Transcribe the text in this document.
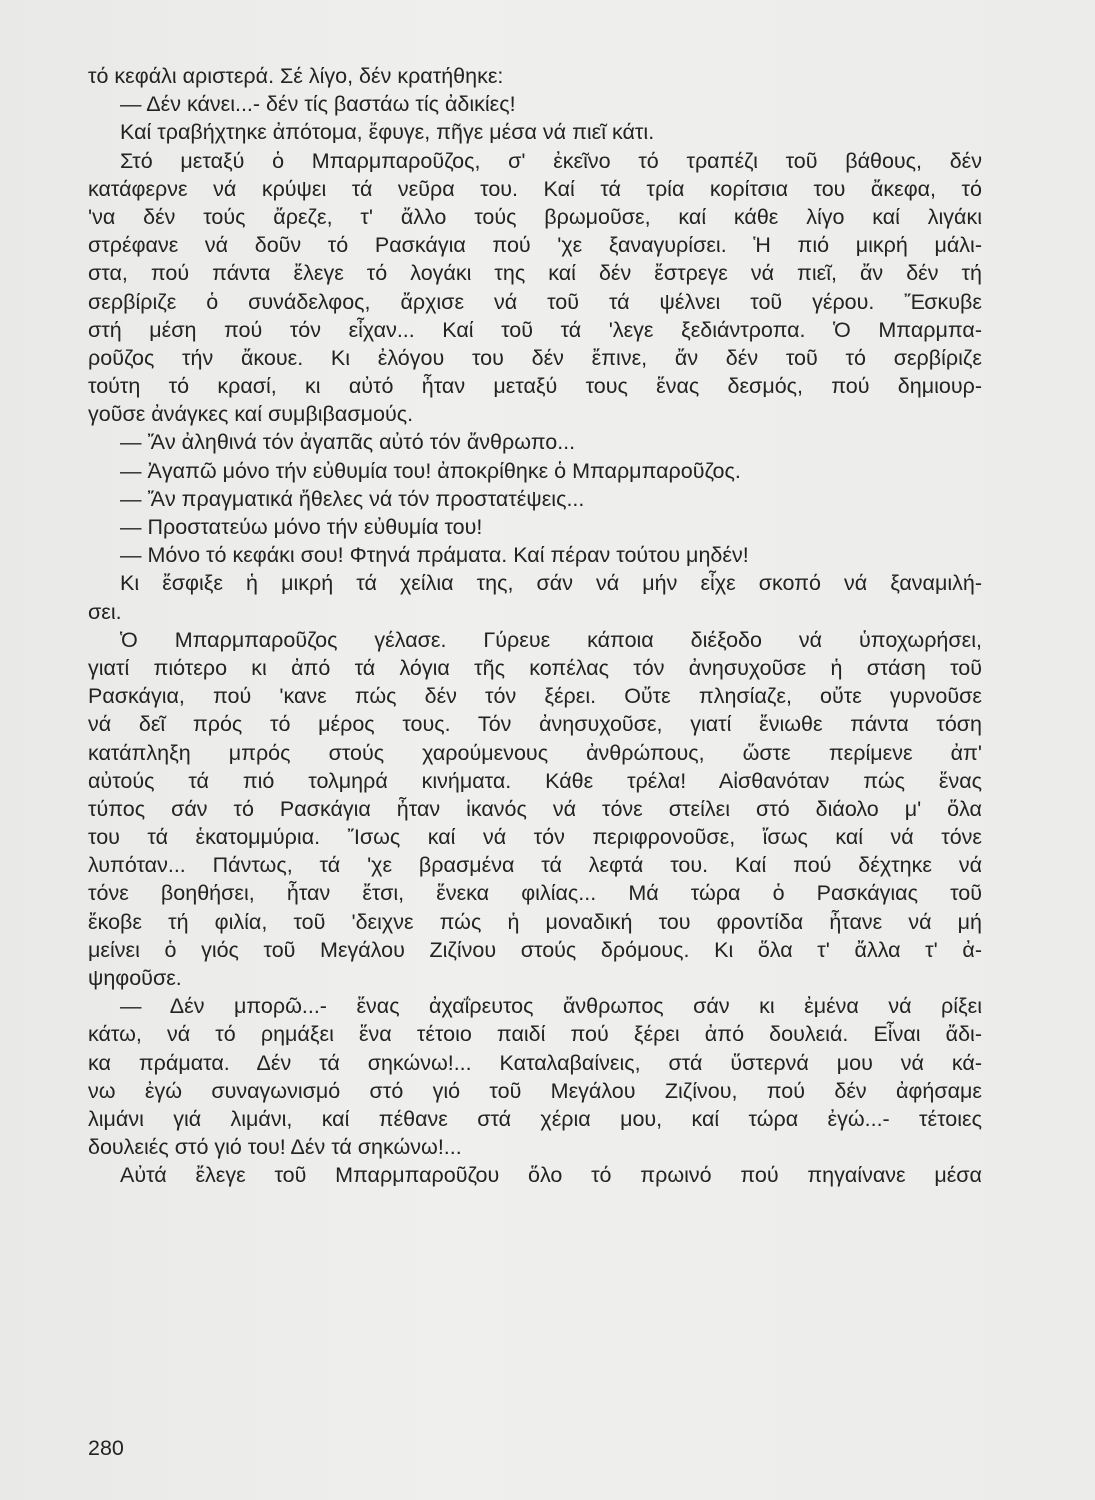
τό κεφάλι αριστερά. Σέ λίγο, δέν κρατήθηκε:
— Δέν κάνει...- δέν τίς βαστάω τίς ἀδικίες!
Καί τραβήχτηκε ἀπότομα, ἔφυγε, πῆγε μέσα νά πιεῖ κάτι.
Στό μεταξύ ὁ Μπαρμπαροῦζος, σ' ἐκεῖνο τό τραπέζι τοῦ βάθους, δέν
κατάφερνε νά κρύψει τά νεῦρα του. Καί τά τρία κορίτσια του ἄκεφα, τό
'να δέν τούς ἄρεζε, τ' ἄλλο τούς βρωμοῦσε, καί κάθε λίγο καί λιγάκι
στρέφανε νά δοῦν τό Ρασκάγια πού 'χε ξαναγυρίσει. Ἡ πιό μικρή μάλι-
στα, πού πάντα ἔλεγε τό λογάκι της καί δέν ἔστρεγε νά πιεῖ, ἄν δέν τή
σερβίριζε ὁ συνάδελφος, ἄρχισε νά τοῦ τά ψέλνει τοῦ γέρου. Ἔσκυβε
στή μέση πού τόν εἶχαν... Καί τοῦ τά 'λεγε ξεδιάντροπα. Ὁ Μπαρμπα-
ροῦζος τήν ἄκουε. Κι ἐλόγου του δέν ἔπινε, ἄν δέν τοῦ τό σερβίριζε
τούτη τό κρασί, κι αὐτό ἦταν μεταξύ τους ἕνας δεσμός, πού δημιουρ-
γοῦσε ἀνάγκες καί συμβιβασμούς.
— Ἄν ἀληθινά τόν ἀγαπᾶς αὐτό τόν ἄνθρωπο...
— Ἀγαπῶ μόνο τήν εὐθυμία του! ἀποκρίθηκε ὁ Μπαρμπαροῦζος.
— Ἄν πραγματικά ἤθελες νά τόν προστατέψεις...
— Προστατεύω μόνο τήν εὐθυμία του!
— Μόνο τό κεφάκι σου! Φτηνά πράματα. Καί πέραν τούτου μηδέν!
Κι ἔσφιξε ἡ μικρή τά χείλια της, σάν νά μήν εἶχε σκοπό νά ξαναμιλή-
σει.
Ὁ Μπαρμπαροῦζος γέλασε. Γύρευε κάποια διέξοδο νά ὑποχωρήσει,
γιατί πιότερο κι ἀπό τά λόγια τῆς κοπέλας τόν ἀνησυχοῦσε ἡ στάση τοῦ
Ρασκάγια, πού 'κανε πώς δέν τόν ξέρει. Οὔτε πλησίαζε, οὔτε γυρνοῦσε
νά δεῖ πρός τό μέρος τους. Τόν ἀνησυχοῦσε, γιατί ἔνιωθε πάντα τόση
κατάπληξη μπρός στούς χαρούμενους ἀνθρώπους, ὥστε περίμενε ἀπ'
αὐτούς τά πιό τολμηρά κινήματα. Κάθε τρέλα! Αἰσθανόταν πώς ἕνας
τύπος σάν τό Ρασκάγια ἦταν ἱκανός νά τόνε στείλει στό διάολο μ' ὅλα
του τά ἑκατομμύρια. Ἴσως καί νά τόν περιφρονοῦσε, ἴσως καί νά τόνε
λυπόταν... Πάντως, τά 'χε βρασμένα τά λεφτά του. Καί πού δέχτηκε νά
τόνε βοηθήσει, ἦταν ἔτσι, ἕνεκα φιλίας... Μά τώρα ὁ Ρασκάγιας τοῦ
ἔκοβε τή φιλία, τοῦ 'δειχνε πώς ἡ μοναδική του φροντίδα ἦτανε νά μή
μείνει ὁ γιός τοῦ Μεγάλου Ζιζίνου στούς δρόμους. Κι ὅλα τ' ἄλλα τ' ἀ-
ψηφοῦσε.
— Δέν μπορῶ...- ἕνας ἀχαΐρευτος ἄνθρωπος σάν κι ἐμένα νά ρίξει
κάτω, νά τό ρημάξει ἕνα τέτοιο παιδί πού ξέρει ἀπό δουλειά. Εἶναι ἄδι-
κα πράματα. Δέν τά σηκώνω!... Καταλαβαίνεις, στά ὕστερνά μου νά κά-
νω ἐγώ συναγωνισμό στό γιό τοῦ Μεγάλου Ζιζίνου, πού δέν ἀφήσαμε
λιμάνι γιά λιμάνι, καί πέθανε στά χέρια μου, καί τώρα ἐγώ...- τέτοιες
δουλειές στό γιό του! Δέν τά σηκώνω!...
Αὐτά ἔλεγε τοῦ Μπαρμπαροῦζου ὅλο τό πρωινό πού πηγαίνανε μέσα
280
